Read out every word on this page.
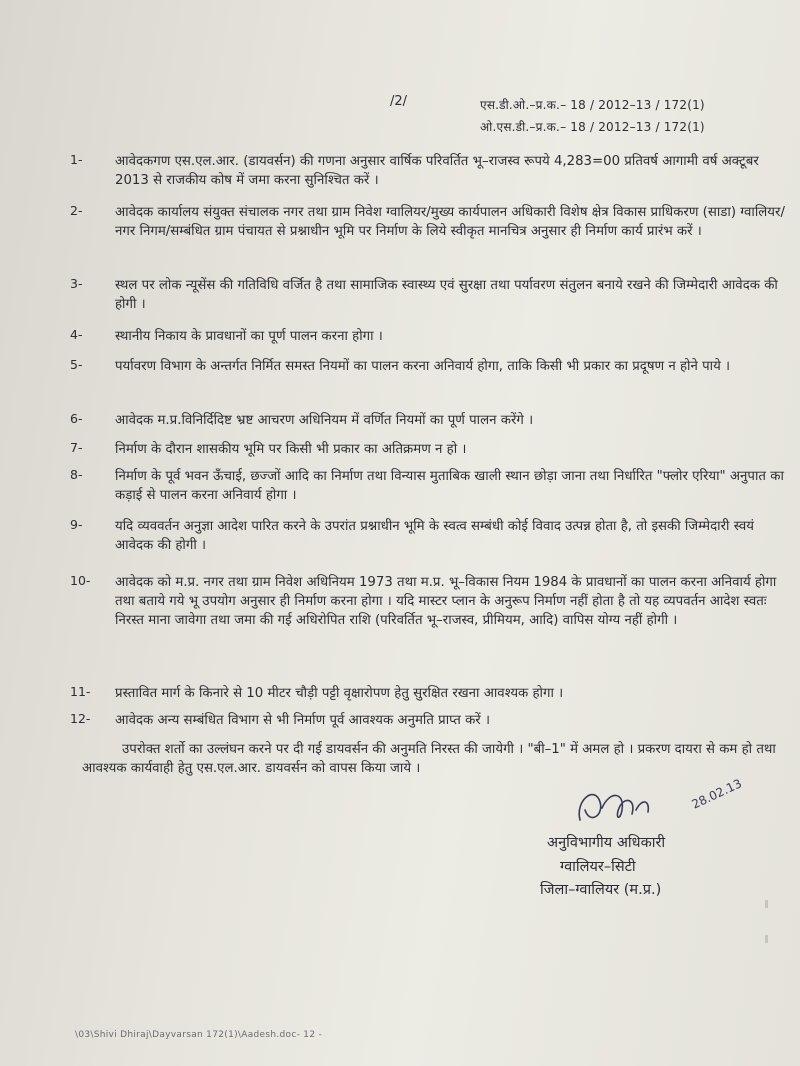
/2/	एस.डी.ओ.–प्र.क.– 18 / 2012–13 / 172(1)
ओ.एस.डी.–प्र.क.– 18 / 2012–13 / 172(1)
1-	आवेदकगण एस.एल.आर. (डायवर्सन) की गणना अनुसार वार्षिक परिवर्तित भू–राजस्व रूपये 4,283=00 प्रतिवर्ष आगामी वर्ष अक्टूबर 2013 से राजकीय कोष में जमा करना सुनिश्चित करें ।
2-	आवेदक कार्यालय संयुक्त संचालक नगर तथा ग्राम निवेश ग्वालियर/मुख्य कार्यपालन अधिकारी विशेष क्षेत्र विकास प्राधिकरण (साडा) ग्वालियर/नगर निगम/सम्बंधित ग्राम पंचायत से प्रश्नाधीन भूमि पर निर्माण के लिये स्वीकृत मानचित्र अनुसार ही निर्माण कार्य प्रारंभ करें ।
3-	स्थल पर लोक न्यूसेंस की गतिविधि वर्जित है तथा सामाजिक स्वास्थ्य एवं सुरक्षा तथा पर्यावरण संतुलन बनाये रखने की जिम्मेदारी आवेदक की होगी ।
4-	स्थानीय निकाय के प्रावधानों का पूर्ण पालन करना होगा ।
5-	पर्यावरण विभाग के अन्तर्गत निर्मित समस्त नियमों का पालन करना अनिवार्य होगा, ताकि किसी भी प्रकार का प्रदूषण न होने पाये ।
6-	आवेदक म.प्र.विनिर्दिदिष्ट भ्रष्ट आचरण अधिनियम में वर्णित नियमों का पूर्ण पालन करेंगे ।
7-	निर्माण के दौरान शासकीय भूमि पर किसी भी प्रकार का अतिक्रमण न हो ।
8-	निर्माण के पूर्व भवन ऊँचाई, छज्जों आदि का निर्माण तथा विन्यास मुताबिक खाली स्थान छोड़ा जाना तथा निर्धारित "फ्लोर एरिया" अनुपात का कड़ाई से पालन करना अनिवार्य होगा ।
9-	यदि व्यववर्तन अनुज्ञा आदेश पारित करने के उपरांत प्रश्नाधीन भूमि के स्वत्व सम्बंधी कोई विवाद उत्पन्न होता है, तो इसकी जिम्मेदारी स्वयं आवेदक की होगी ।
10-	आवेदक को म.प्र. नगर तथा ग्राम निवेश अधिनियम 1973 तथा म.प्र. भू–विकास नियम 1984 के प्रावधानों का पालन करना अनिवार्य होगा तथा बताये गये भू उपयोग अनुसार ही निर्माण करना होगा । यदि मास्टर प्लान के अनुरूप निर्माण नहीं होता है तो यह व्यपवर्तन आदेश स्वतः निरस्त माना जावेगा तथा जमा की गई अधिरोपित राशि (परिवर्तित भू–राजस्व, प्रीमियम, आदि) वापिस योग्य नहीं होगी ।
11-	प्रस्तावित मार्ग के किनारे से 10 मीटर चौड़ी पट्टी वृक्षारोपण हेतु सुरक्षित रखना आवश्यक होगा ।
12-	आवेदक अन्य सम्बंधित विभाग से भी निर्माण पूर्व आवश्यक अनुमति प्राप्त करें ।
उपरोक्त शर्तो का उल्लंघन करने पर दी गई डायवर्सन की अनुमति निरस्त की जायेगी । "बी–1" में अमल हो । प्रकरण दायरा से कम हो तथा आवश्यक कार्यवाही हेतु एस.एल.आर. डायवर्सन को वापस किया जाये ।
28.02.13
अनुविभागीय अधिकारी
ग्वालियर–सिटी
जिला–ग्वालियर (म.प्र.)
\03\Shivi Dhiraj\Dayvarsan 172(1)\Aadesh.doc- 12 -
